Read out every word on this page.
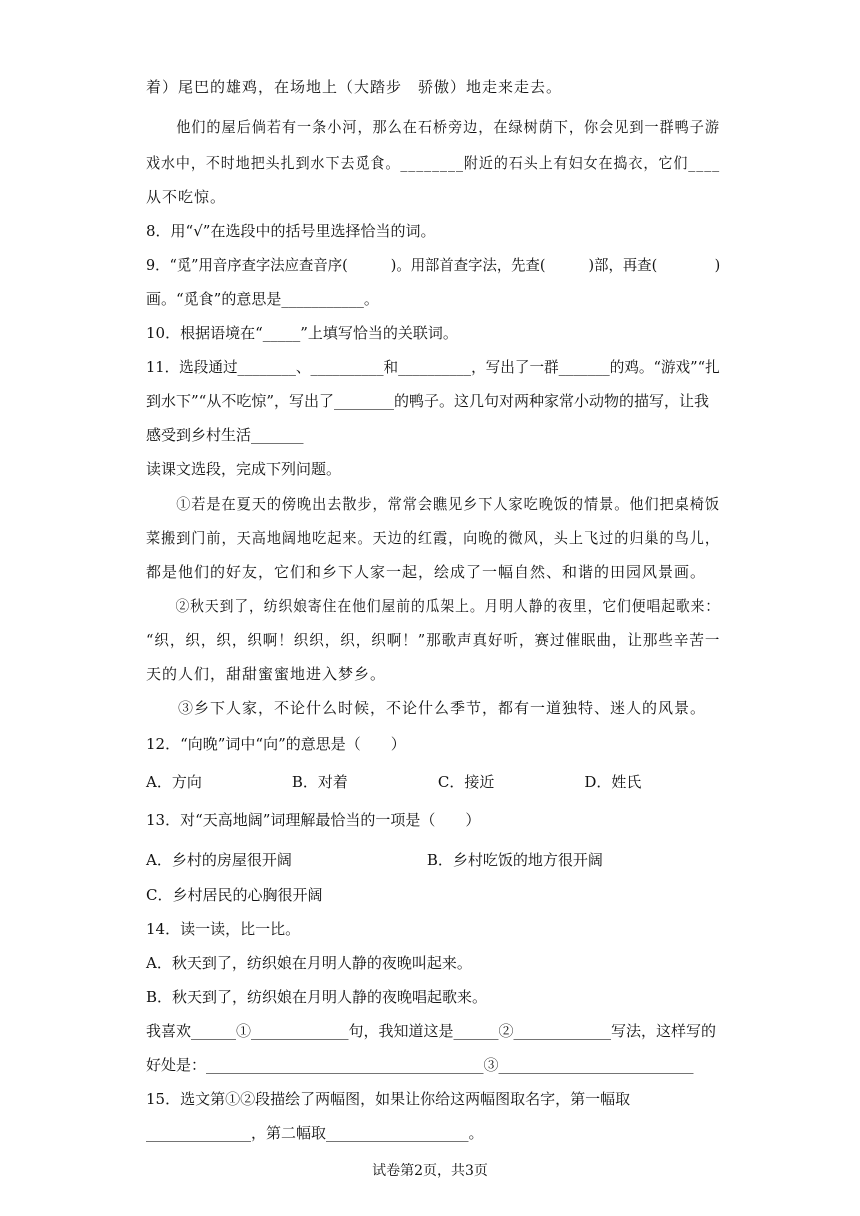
着）尾巴的雄鸡，在场地上（大踏步　骄傲）地走来走去。
　　他们的屋后倘若有一条小河，那么在石桥旁边，在绿树荫下，你会见到一群鸭子游
戏水中，不时地把头扎到水下去觅食。________附近的石头上有妇女在捣衣，它们____
从不吃惊。
8．用“√”在选段中的括号里选择恰当的词。
9．“觅”用音序查字法应查音序(　　　)。用部首查字法，先查(　　　)部，再查(　　　　)
画。“觅食”的意思是___________。
10．根据语境在“_____”上填写恰当的关联词。
11．选段通过________、__________和__________，写出了一群_______的鸡。“游戏”“扎
到水下”“从不吃惊”，写出了________的鸭子。这几句对两种家常小动物的描写，让我
感受到乡村生活_______
读课文选段，完成下列问题。
　　①若是在夏天的傍晚出去散步，常常会瞧见乡下人家吃晚饭的情景。他们把桌椅饭
菜搬到门前，天高地阔地吃起来。天边的红霞，向晚的微风，头上飞过的归巢的鸟儿，
都是他们的好友，它们和乡下人家一起，绘成了一幅自然、和谐的田园风景画。
　　②秋天到了，纺织娘寄住在他们屋前的瓜架上。月明人静的夜里，它们便唱起歌来：
“织，织，织，织啊！织织，织，织啊！”那歌声真好听，赛过催眠曲，让那些辛苦一
天的人们，甜甜蜜蜜地进入梦乡。
　　③乡下人家，不论什么时候，不论什么季节，都有一道独特、迷人的风景。
12．“向晚”词中“向”的意思是（　　）
A．方向　　　　　　B．对着　　　　　　C．接近　　　　　　D．姓氏
13．对“天高地阔”词理解最恰当的一项是（　　）
A．乡村的房屋很开阔　　　　　　　　　B．乡村吃饭的地方很开阔
C．乡村居民的心胸很开阔
14．读一读，比一比。
A．秋天到了，纺织娘在月明人静的夜晚叫起来。
B．秋天到了，纺织娘在月明人静的夜晚唱起歌来。
我喜欢______①_____________句，我知道这是______②_____________写法，这样写的
好处是：_____________________________________③__________________________
15．选文第①②段描绘了两幅图，如果让你给这两幅图取名字，第一幅取
______________，第二幅取___________________。
试卷第2页，共3页
